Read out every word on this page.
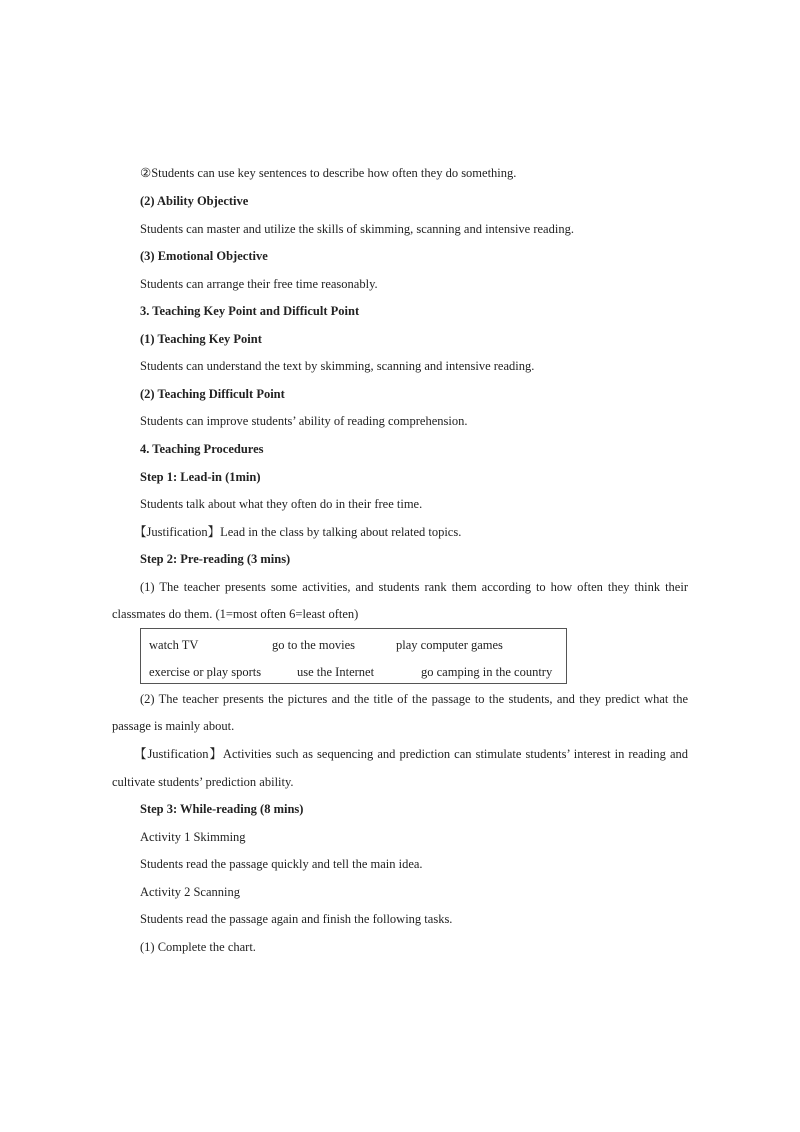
②Students can use key sentences to describe how often they do something.
(2) Ability Objective
Students can master and utilize the skills of skimming, scanning and intensive reading.
(3) Emotional Objective
Students can arrange their free time reasonably.
3. Teaching Key Point and Difficult Point
(1) Teaching Key Point
Students can understand the text by skimming, scanning and intensive reading.
(2) Teaching Difficult Point
Students can improve students’ ability of reading comprehension.
4. Teaching Procedures
Step 1: Lead-in (1min)
Students talk about what they often do in their free time.
【Justification】Lead in the class by talking about related topics.
Step 2: Pre-reading (3 mins)
(1) The teacher presents some activities, and students rank them according to how often they think their
classmates do them. (1=most often 6=least often)
watch TV	go to the movies	play computer games
exercise or play sports	use the Internet	go camping in the country
(2) The teacher presents the pictures and the title of the passage to the students, and they predict what the
passage is mainly about.
【Justification】Activities such as sequencing and prediction can stimulate students’ interest in reading and
cultivate students’ prediction ability.
Step 3: While-reading (8 mins)
Activity 1 Skimming
Students read the passage quickly and tell the main idea.
Activity 2 Scanning
Students read the passage again and finish the following tasks.
(1) Complete the chart.
